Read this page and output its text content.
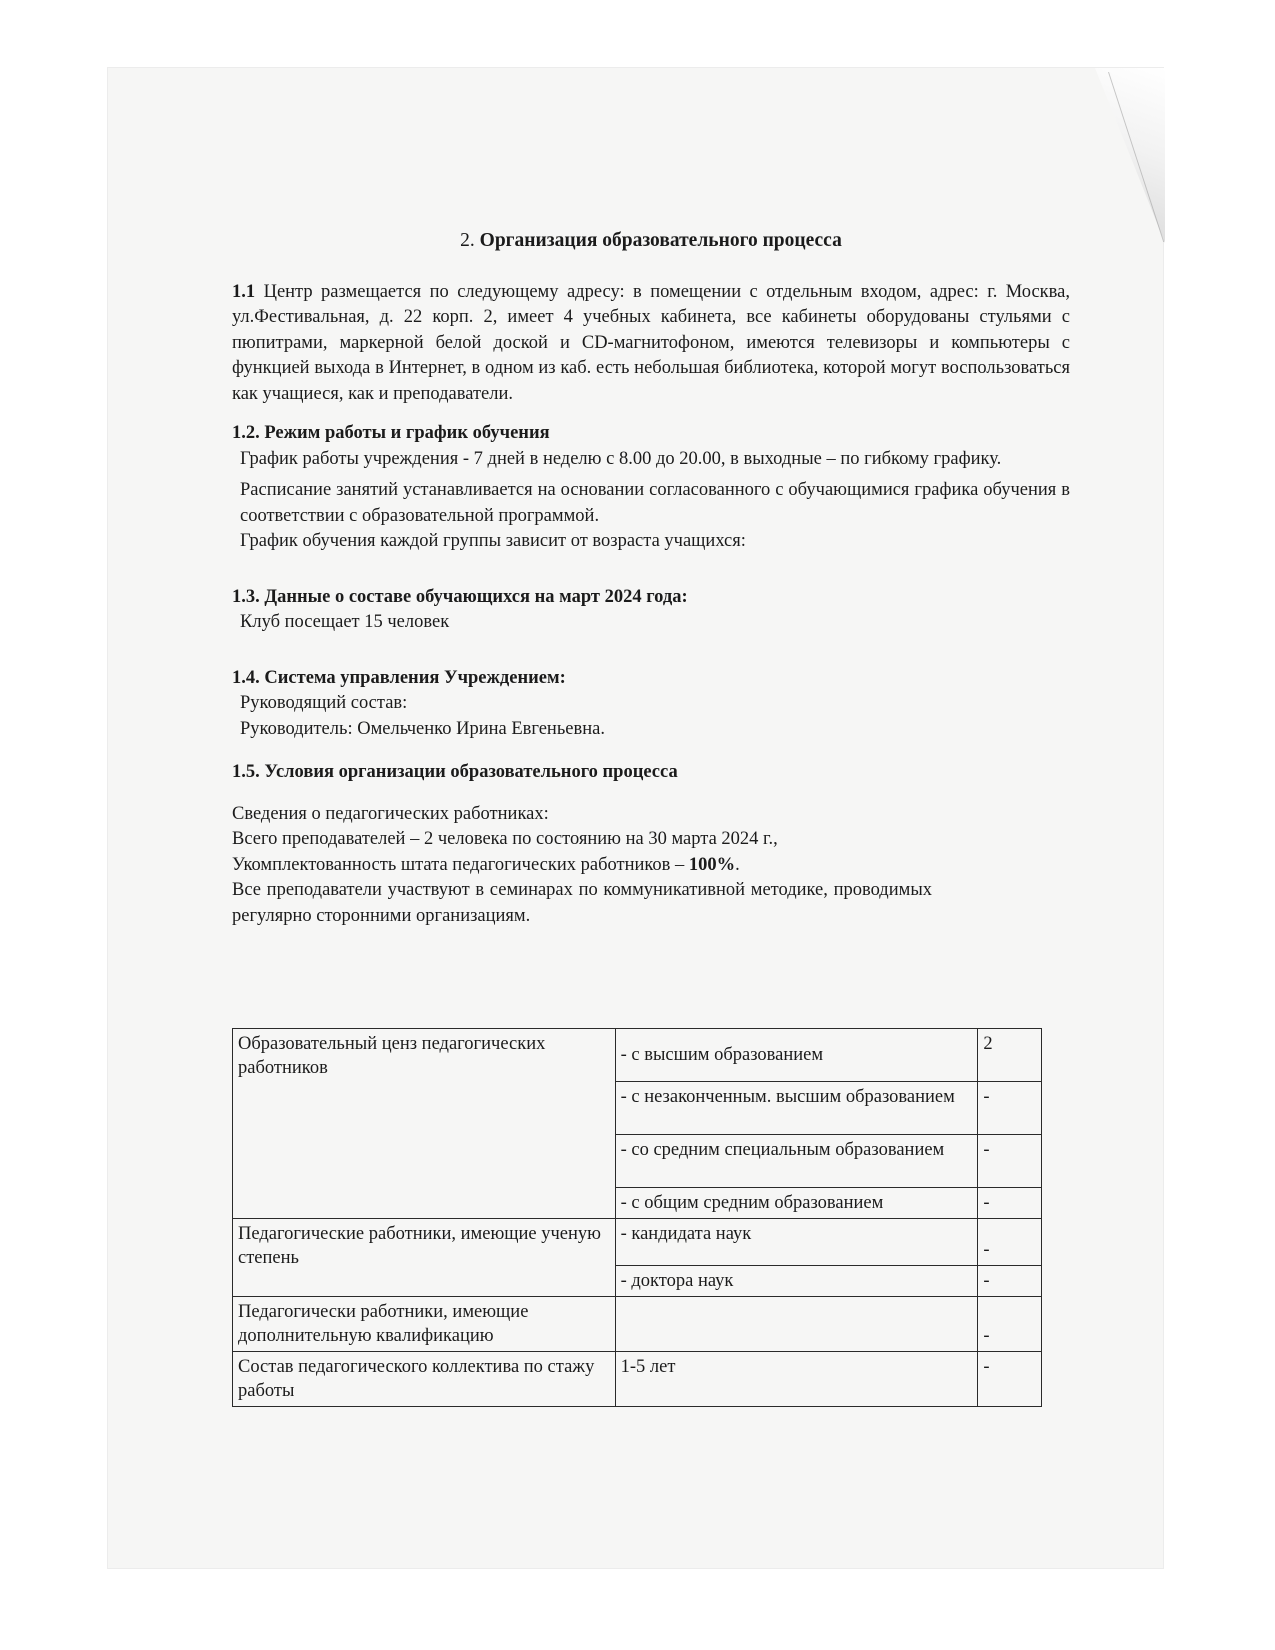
2. Организация образовательного процесса

1.1 Центр размещается по следующему адресу: в помещении с отдельным входом, адрес: г. Москва, ул.Фестивальная, д. 22 корп. 2, имеет 4 учебных кабинета, все кабинеты оборудованы стульями с пюпитрами, маркерной белой доской и CD-магнитофоном, имеются телевизоры и компьютеры с функцией выхода в Интернет, в одном из каб. есть небольшая библиотека, которой могут воспользоваться как учащиеся, как и преподаватели.

1.2. Режим работы и график обучения

График работы учреждения - 7 дней в неделю с 8.00 до 20.00, в выходные – по гибкому графику.

Расписание занятий устанавливается на основании согласованного с обучающимися графика обучения в соответствии с образовательной программой.

График обучения каждой группы зависит от возраста учащихся:

1.3. Данные о составе обучающихся на март 2024 года:

Клуб посещает 15 человек

1.4. Система управления Учреждением:

Руководящий состав:

Руководитель: Омельченко Ирина Евгеньевна.

1.5. Условия организации образовательного процесса

Сведения о педагогических работниках:

Всего преподавателей – 2 человека по состоянию на 30 марта 2024 г.,

Укомплектованность штата педагогических работников – 100%.

Все преподаватели участвуют в семинарах по коммуникативной методике, проводимых регулярно сторонними организациям.

Образовательный ценз педагогических работников	- с высшим образованием	2
	- с незаконченным. высшим образованием	-
	- со средним специальным образованием	-
	- с общим средним образованием	-
Педагогические работники, имеющие ученую степень	- кандидата наук	-
	- доктора наук	-
Педагогически работники, имеющие дополнительную квалификацию		-
Состав педагогического коллектива по стажу работы	1-5 лет	-
